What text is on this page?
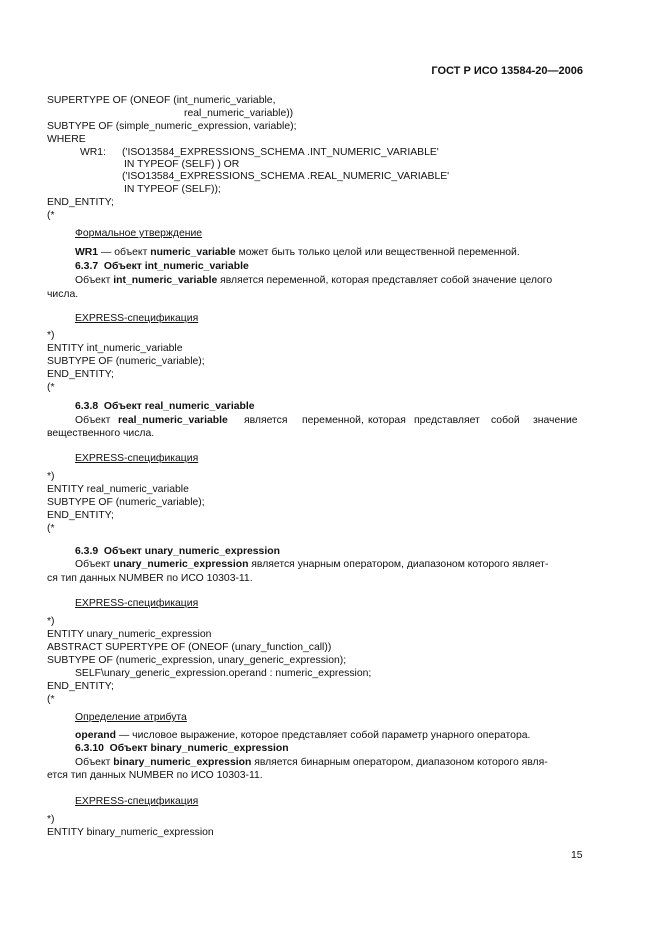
ГОСТ Р ИСО 13584-20—2006
SUPERTYPE OF (ONEOF (int_numeric_variable,
real_numeric_variable))
SUBTYPE OF (simple_numeric_expression, variable);
WHERE
WR1: ('ISO13584_EXPRESSIONS_SCHEMA .INT_NUMERIC_VARIABLE'
IN TYPEOF (SELF) ) OR
('ISO13584_EXPRESSIONS_SCHEMA .REAL_NUMERIC_VARIABLE'
IN TYPEOF (SELF));
END_ENTITY;
(*
Формальное утверждение
WR1 — объект numeric_variable может быть только целой или вещественной переменной.
6.3.7  Объект int_numeric_variable
Объект int_numeric_variable является переменной, которая представляет собой значение целого
числа.
EXPRESS-спецификация
*)
ENTITY int_numeric_variable
SUBTYPE OF (numeric_variable);
END_ENTITY;
(*
6.3.8  Объект real_numeric_variable
Объект real_numeric_variable является переменной, которая представляет собой значение
вещественного числа.
EXPRESS-спецификация
*)
ENTITY real_numeric_variable
SUBTYPE OF (numeric_variable);
END_ENTITY;
(*
6.3.9  Объект unary_numeric_expression
Объект unary_numeric_expression является унарным оператором, диапазоном которого являет-
ся тип данных NUMBER по ИСО 10303-11.
EXPRESS-спецификация
*)
ENTITY unary_numeric_expression
ABSTRACT SUPERTYPE OF (ONEOF (unary_function_call))
SUBTYPE OF (numeric_expression, unary_generic_expression);
SELF\unary_generic_expression.operand : numeric_expression;
END_ENTITY;
(*
Определение атрибута
operand — числовое выражение, которое представляет собой параметр унарного оператора.
6.3.10  Объект binary_numeric_expression
Объект binary_numeric_expression является бинарным оператором, диапазоном которого явля-
ется тип данных NUMBER по ИСО 10303-11.
EXPRESS-спецификация
*)
ENTITY binary_numeric_expression
15
